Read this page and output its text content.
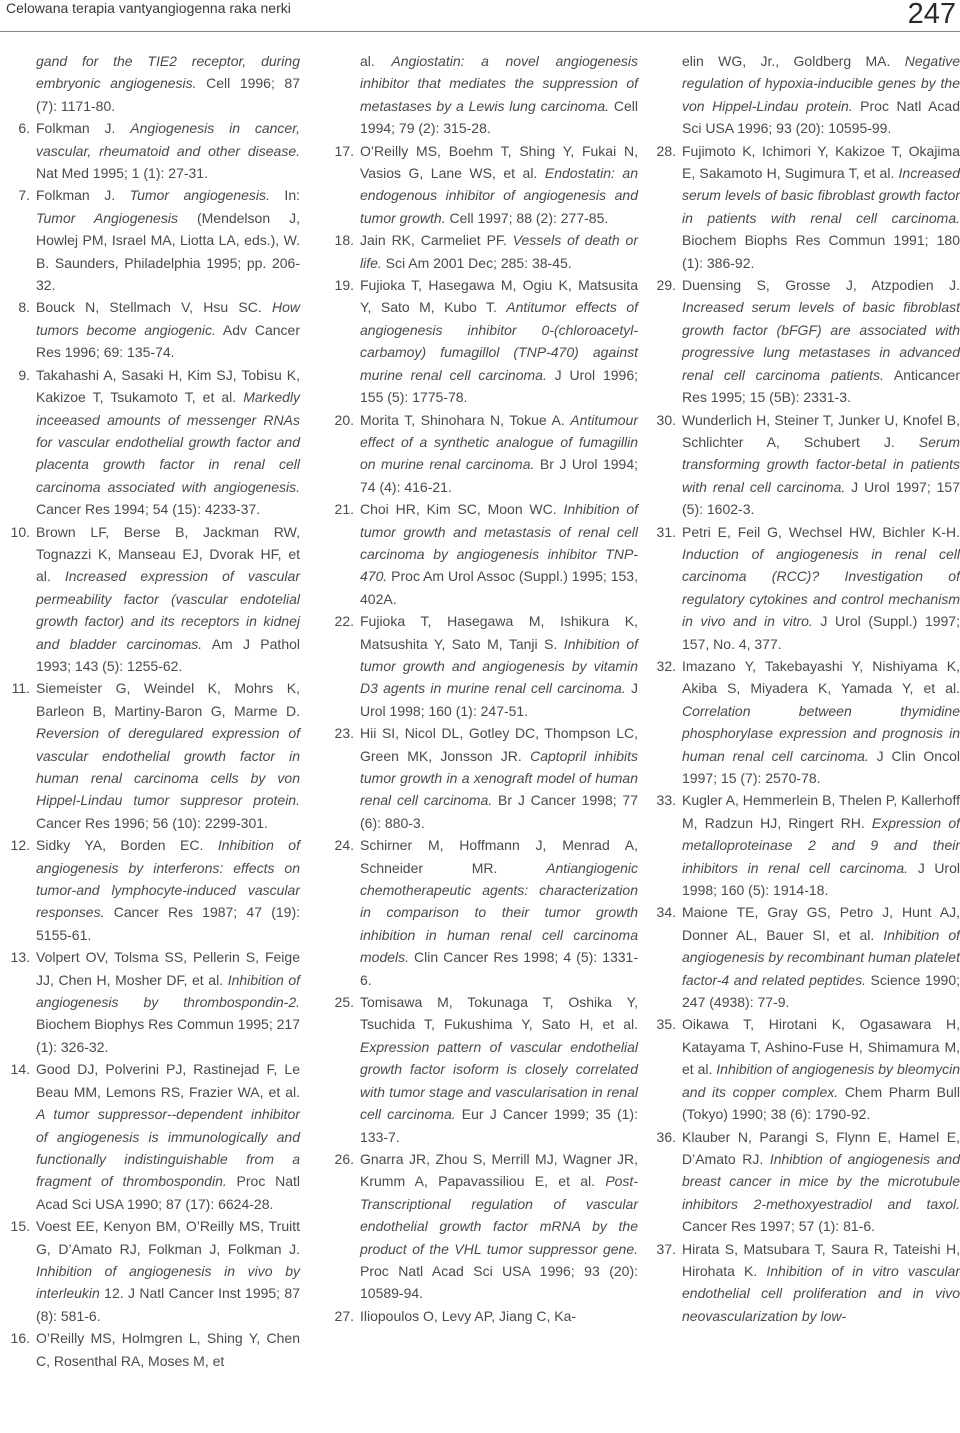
Celowana terapia vantyangiogenna raka nerki	247

gand for the TIE2 receptor, during embryonic angiogenesis. Cell 1996; 87 (7): 1171-80.

6. Folkman J. Angiogenesis in cancer, vascular, rheumatoid and other disease. Nat Med 1995; 1 (1): 27-31.

7. Folkman J. Tumor angiogenesis. In: Tumor Angiogenesis (Mendelson J, Howlej PM, Israel MA, Liotta LA, eds.), W. B. Saunders, Philadelphia 1995; pp. 206-32.

8. Bouck N, Stellmach V, Hsu SC. How tumors become angiogenic. Adv Cancer Res 1996; 69: 135-74.

9. Takahashi A, Sasaki H, Kim SJ, Tobisu K, Kakizoe T, Tsukamoto T, et al. Markedly inceeased amounts of messenger RNAs for vascular endothelial growth factor and placenta growth factor in renal cell carcinoma associated with angiogenesis. Cancer Res 1994; 54 (15): 4233-37.

10. Brown LF, Berse B, Jackman RW, Tognazzi K, Manseau EJ, Dvorak HF, et al. Increased expression of vascular permeability factor (vascular endotelial growth factor) and its receptors in kidnej and bladder carcinomas. Am J Pathol 1993; 143 (5): 1255-62.

11. Siemeister G, Weindel K, Mohrs K, Barleon B, Martiny-Baron G, Marme D. Reversion of deregulared expression of vascular endothelial growth factor in human renal carcinoma cells by von Hippel-Lindau tumor suppresor protein. Cancer Res 1996; 56 (10): 2299-301.

12. Sidky YA, Borden EC. Inhibition of angiogenesis by interferons: effects on tumor-and lymphocyte-induced vascular responses. Cancer Res 1987; 47 (19): 5155-61.

13. Volpert OV, Tolsma SS, Pellerin S, Feige JJ, Chen H, Mosher DF, et al. Inhibition of angiogenesis by thrombospondin-2. Biochem Biophys Res Commun 1995; 217 (1): 326-32.

14. Good DJ, Polverini PJ, Rastinejad F, Le Beau MM, Lemons RS, Frazier WA, et al. A tumor suppressor--dependent inhibitor of angiogenesis is immunologically and functionally indistinguishable from a fragment of thrombospondin. Proc Natl Acad Sci USA 1990; 87 (17): 6624-28.

15. Voest EE, Kenyon BM, O’Reilly MS, Truitt G, D’Amato RJ, Folkman J, Folkman J. Inhibition of angiogenesis in vivo by interleukin 12. J Natl Cancer Inst 1995; 87 (8): 581-6.

16. O’Reilly MS, Holmgren L, Shing Y, Chen C, Rosenthal RA, Moses M, et

al. Angiostatin: a novel angiogenesis inhibitor that mediates the suppression of metastases by a Lewis lung carcinoma. Cell 1994; 79 (2): 315-28.

17. O’Reilly MS, Boehm T, Shing Y, Fukai N, Vasios G, Lane WS, et al. Endostatin: an endogenous inhibitor of angiogenesis and tumor growth. Cell 1997; 88 (2): 277-85.

18. Jain RK, Carmeliet PF. Vessels of death or life. Sci Am 2001 Dec; 285: 38-45.

19. Fujioka T, Hasegawa M, Ogiu K, Matsusita Y, Sato M, Kubo T. Antitumor effects of angiogenesis inhibitor 0-(chloroacetyl-carbamoy) fumagillol (TNP-470) against murine renal cell carcinoma. J Urol 1996; 155 (5): 1775-78.

20. Morita T, Shinohara N, Tokue A. Antitumour effect of a synthetic analogue of fumagillin on murine renal carcinoma. Br J Urol 1994; 74 (4): 416-21.

21. Choi HR, Kim SC, Moon WC. Inhibition of tumor growth and metastasis of renal cell carcinoma by angiogenesis inhibitor TNP-470. Proc Am Urol Assoc (Suppl.) 1995; 153, 402A.

22. Fujioka T, Hasegawa M, Ishikura K, Matsushita Y, Sato M, Tanji S. Inhibition of tumor growth and angiogenesis by vitamin D3 agents in murine renal cell carcinoma. J Urol 1998; 160 (1): 247-51.

23. Hii SI, Nicol DL, Gotley DC, Thompson LC, Green MK, Jonsson JR. Captopril inhibits tumor growth in a xenograft model of human renal cell carcinoma. Br J Cancer 1998; 77 (6): 880-3.

24. Schirner M, Hoffmann J, Menrad A, Schneider MR. Antiangiogenic chemotherapeutic agents: characterization in comparison to their tumor growth inhibition in human renal cell carcinoma models. Clin Cancer Res 1998; 4 (5): 1331-6.

25. Tomisawa M, Tokunaga T, Oshika Y, Tsuchida T, Fukushima Y, Sato H, et al. Expression pattern of vascular endothelial growth factor isoform is closely correlated with tumor stage and vascularisation in renal cell carcinoma. Eur J Cancer 1999; 35 (1): 133-7.

26. Gnarra JR, Zhou S, Merrill MJ, Wagner JR, Krumm A, Papavassiliou E, et al. Post-Transcriptional regulation of vascular endothelial growth factor mRNA by the product of the VHL tumor suppressor gene. Proc Natl Acad Sci USA 1996; 93 (20): 10589-94.

27. Iliopoulos O, Levy AP, Jiang C, Ka-

elin WG, Jr., Goldberg MA. Negative regulation of hypoxia-inducible genes by the von Hippel-Lindau protein. Proc Natl Acad Sci USA 1996; 93 (20): 10595-99.

28. Fujimoto K, Ichimori Y, Kakizoe T, Okajima E, Sakamoto H, Sugimura T, et al. Increased serum levels of basic fibroblast growth factor in patients with renal cell carcinoma. Biochem Biophs Res Commun 1991; 180 (1): 386-92.

29. Duensing S, Grosse J, Atzpodien J. Increased serum levels of basic fibroblast growth factor (bFGF) are associated with progressive lung metastases in advanced renal cell carcinoma patients. Anticancer Res 1995; 15 (5B): 2331-3.

30. Wunderlich H, Steiner T, Junker U, Knofel B, Schlichter A, Schubert J. Serum transforming growth factor-betal in patients with renal cell carcinoma. J Urol 1997; 157 (5): 1602-3.

31. Petri E, Feil G, Wechsel HW, Bichler K-H. Induction of angiogenesis in renal cell carcinoma (RCC)? Investigation of regulatory cytokines and control mechanism in vivo and in vitro. J Urol (Suppl.) 1997; 157, No. 4, 377.

32. Imazano Y, Takebayashi Y, Nishiyama K, Akiba S, Miyadera K, Yamada Y, et al. Correlation between thymidine phosphorylase expression and prognosis in human renal cell carcinoma. J Clin Oncol 1997; 15 (7): 2570-78.

33. Kugler A, Hemmerlein B, Thelen P, Kallerhoff M, Radzun HJ, Ringert RH. Expression of metalloproteinase 2 and 9 and their inhibitors in renal cell carcinoma. J Urol 1998; 160 (5): 1914-18.

34. Maione TE, Gray GS, Petro J, Hunt AJ, Donner AL, Bauer SI, et al. Inhibition of angiogenesis by recombinant human platelet factor-4 and related peptides. Science 1990; 247 (4938): 77-9.

35. Oikawa T, Hirotani K, Ogasawara H, Katayama T, Ashino-Fuse H, Shimamura M, et al. Inhibition of angiogenesis by bleomycin and its copper complex. Chem Pharm Bull (Tokyo) 1990; 38 (6): 1790-92.

36. Klauber N, Parangi S, Flynn E, Hamel E, D’Amato RJ. Inhibtion of angiogenesis and breast cancer in mice by the microtubule inhibitors 2-methoxyestradiol and taxol. Cancer Res 1997; 57 (1): 81-6.

37. Hirata S, Matsubara T, Saura R, Tateishi H, Hirohata K. Inhibition of in vitro vascular endothelial cell proliferation and in vivo neovascularization by low-
